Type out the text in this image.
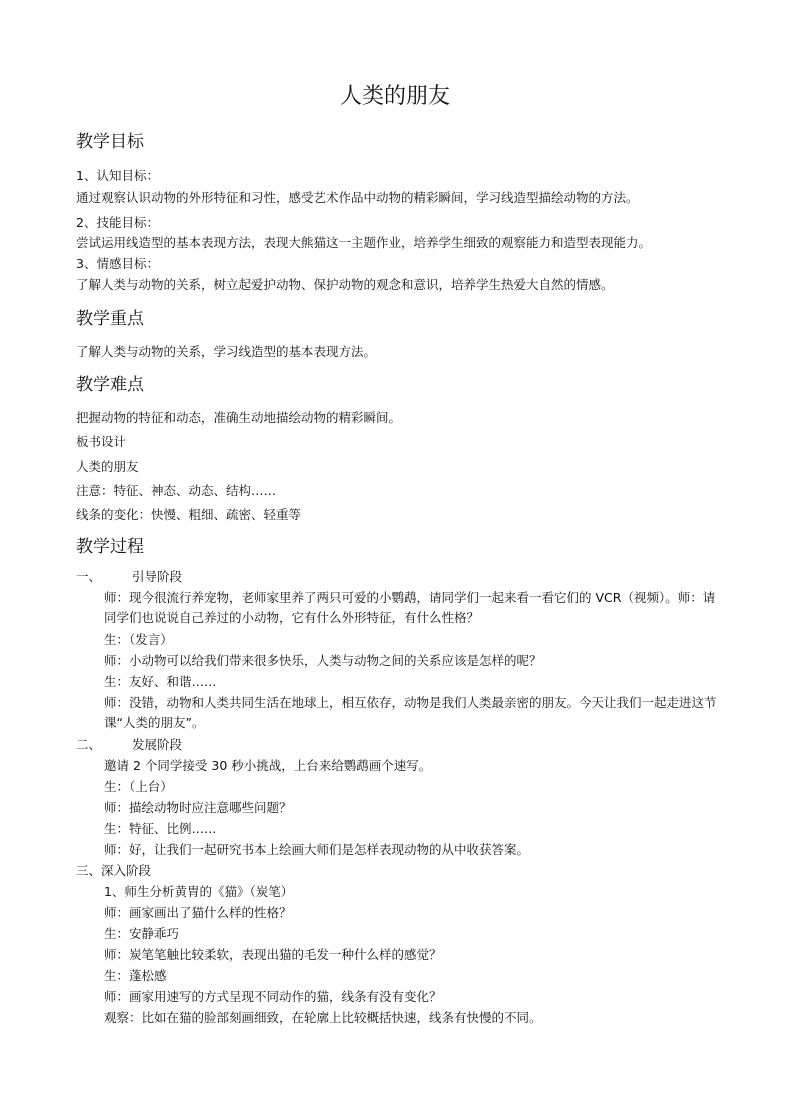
人类的朋友
教学目标
1、认知目标：
通过观察认识动物的外形特征和习性，感受艺术作品中动物的精彩瞬间，学习线造型描绘动物的方法。
2、技能目标：
尝试运用线造型的基本表现方法，表现大熊猫这一主题作业，培养学生细致的观察能力和造型表现能力。
3、情感目标：
了解人类与动物的关系，树立起爱护动物、保护动物的观念和意识，培养学生热爱大自然的情感。
教学重点
了解人类与动物的关系，学习线造型的基本表现方法。
教学难点
把握动物的特征和动态，准确生动地描绘动物的精彩瞬间。
板书设计
人类的朋友
注意：特征、神态、动态、结构……
线条的变化：快慢、粗细、疏密、轻重等
教学过程
一、 引导阶段
师：现今很流行养宠物，老师家里养了两只可爱的小鹦鹉，请同学们一起来看一看它们的 VCR（视频）。师：请同学们也说说自己养过的小动物，它有什么外形特征，有什么性格？
生：（发言）
师：小动物可以给我们带来很多快乐，人类与动物之间的关系应该是怎样的呢？
生：友好、和谐……
师：没错，动物和人类共同生活在地球上，相互依存，动物是我们人类最亲密的朋友。今天让我们一起走进这节课“人类的朋友”。
二、 发展阶段
邀请 2 个同学接受 30 秒小挑战，上台来给鹦鹉画个速写。
生：（上台）
师：描绘动物时应注意哪些问题？
生：特征、比例……
师：好，让我们一起研究书本上绘画大师们是怎样表现动物的从中收获答案。
三、深入阶段
1、师生分析黄胄的《猫》（炭笔）
师：画家画出了猫什么样的性格？
生：安静乖巧
师：炭笔笔触比较柔软，表现出猫的毛发一种什么样的感觉？
生：蓬松感
师：画家用速写的方式呈现不同动作的猫，线条有没有变化？
观察：比如在猫的脸部刻画细致，在轮廓上比较概括快速，线条有快慢的不同。
